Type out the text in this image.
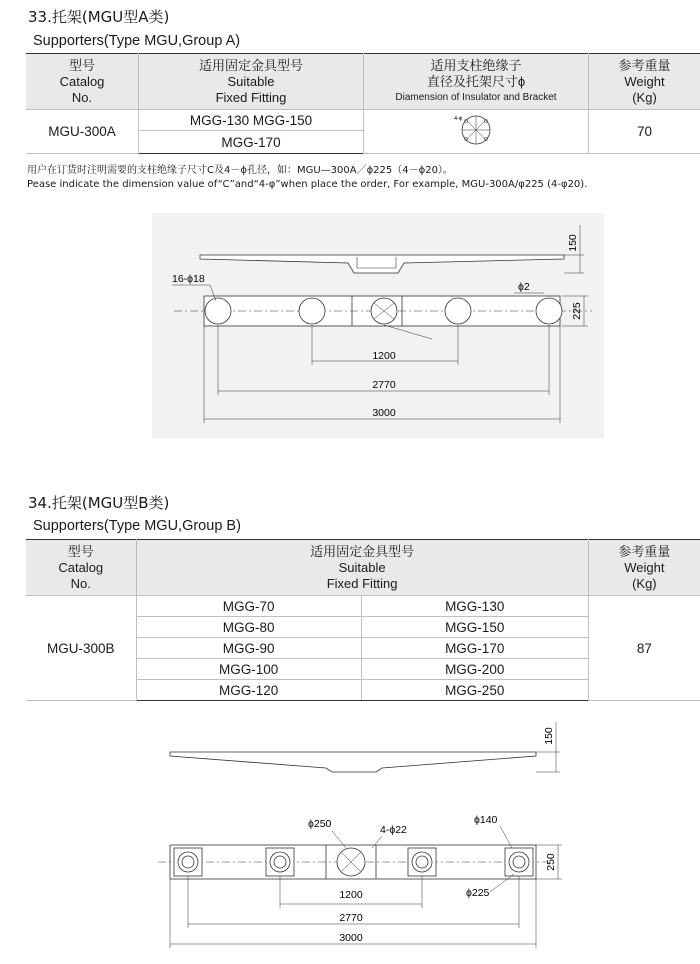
33.托架(MGU型A类)
Supporters(Type MGU,Group A)
型号
Catalog
No.	适用固定金具型号
Suitable
Fixed Fitting	适用支柱绝缘子
直径及托架尺寸ϕ
Diamension of Insulator and Bracket	参考重量
Weight
(Kg)

MGU-300A	MGG-130 MGG-150	4-ϕ	70
	MGG-170		
用户在订货时注明需要的支柱绝缘子尺寸C及4－ϕ孔径，如：MGU—300A／ϕ225（4－ϕ20）。
Pease indicate the dimension value of“C”and“4-φ”when place the order, For example, MGU-300A/φ225 (4-φ20).
150
225
16-ϕ18
ϕ2
1200
2770
3000
34.托架(MGU型B类)
Supporters(Type MGU,Group B)
型号
Catalog
No.	适用固定金具型号
Suitable
Fixed Fitting		参考重量
Weight
(Kg)

MGU-300B	MGG-70	MGG-130	87
	MGG-80	MGG-150	
	MGG-90	MGG-170	
	MGG-100	MGG-200	
	MGG-120	MGG-250	
150
ϕ250	4-ϕ22
ϕ140
ϕ225
250
1200
2770
3000
